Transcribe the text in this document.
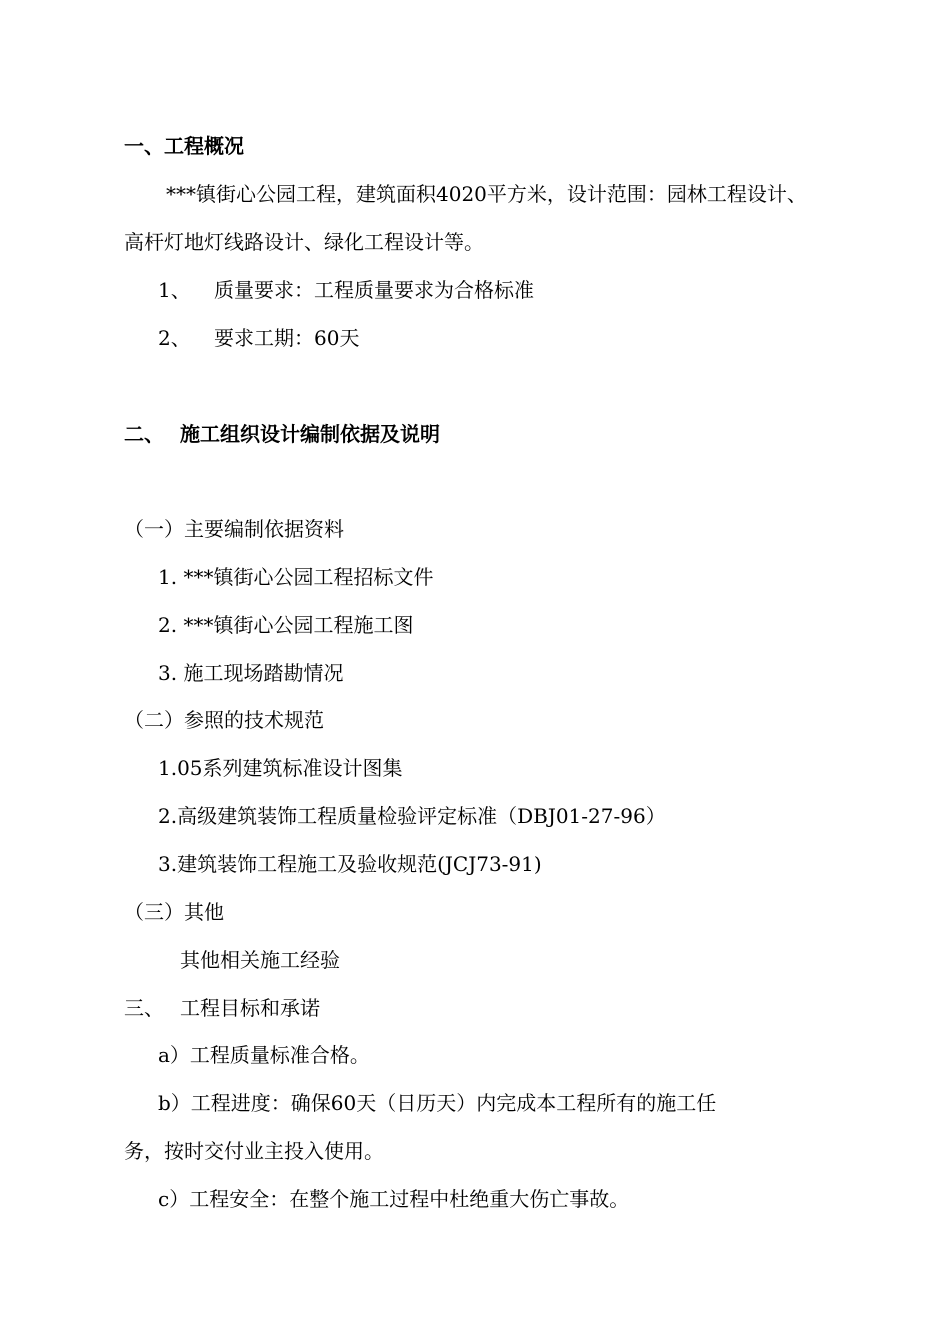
一、工程概况
***镇街心公园工程，建筑面积4020平方米，设计范围：园林工程设计、
高杆灯地灯线路设计、绿化工程设计等。
1、 质量要求：工程质量要求为合格标准
2、 要求工期：60天
二、 施工组织设计编制依据及说明
（一）主要编制依据资料
1. ***镇街心公园工程招标文件
2. ***镇街心公园工程施工图
3. 施工现场踏勘情况
（二）参照的技术规范
1.05系列建筑标准设计图集
2.高级建筑装饰工程质量检验评定标准（DBJ01-27-96）
3.建筑装饰工程施工及验收规范(JCJ73-91)
（三）其他
其他相关施工经验
三、 工程目标和承诺
a）工程质量标准合格。
b）工程进度：确保60天（日历天）内完成本工程所有的施工任
务，按时交付业主投入使用。
c）工程安全：在整个施工过程中杜绝重大伤亡事故。
